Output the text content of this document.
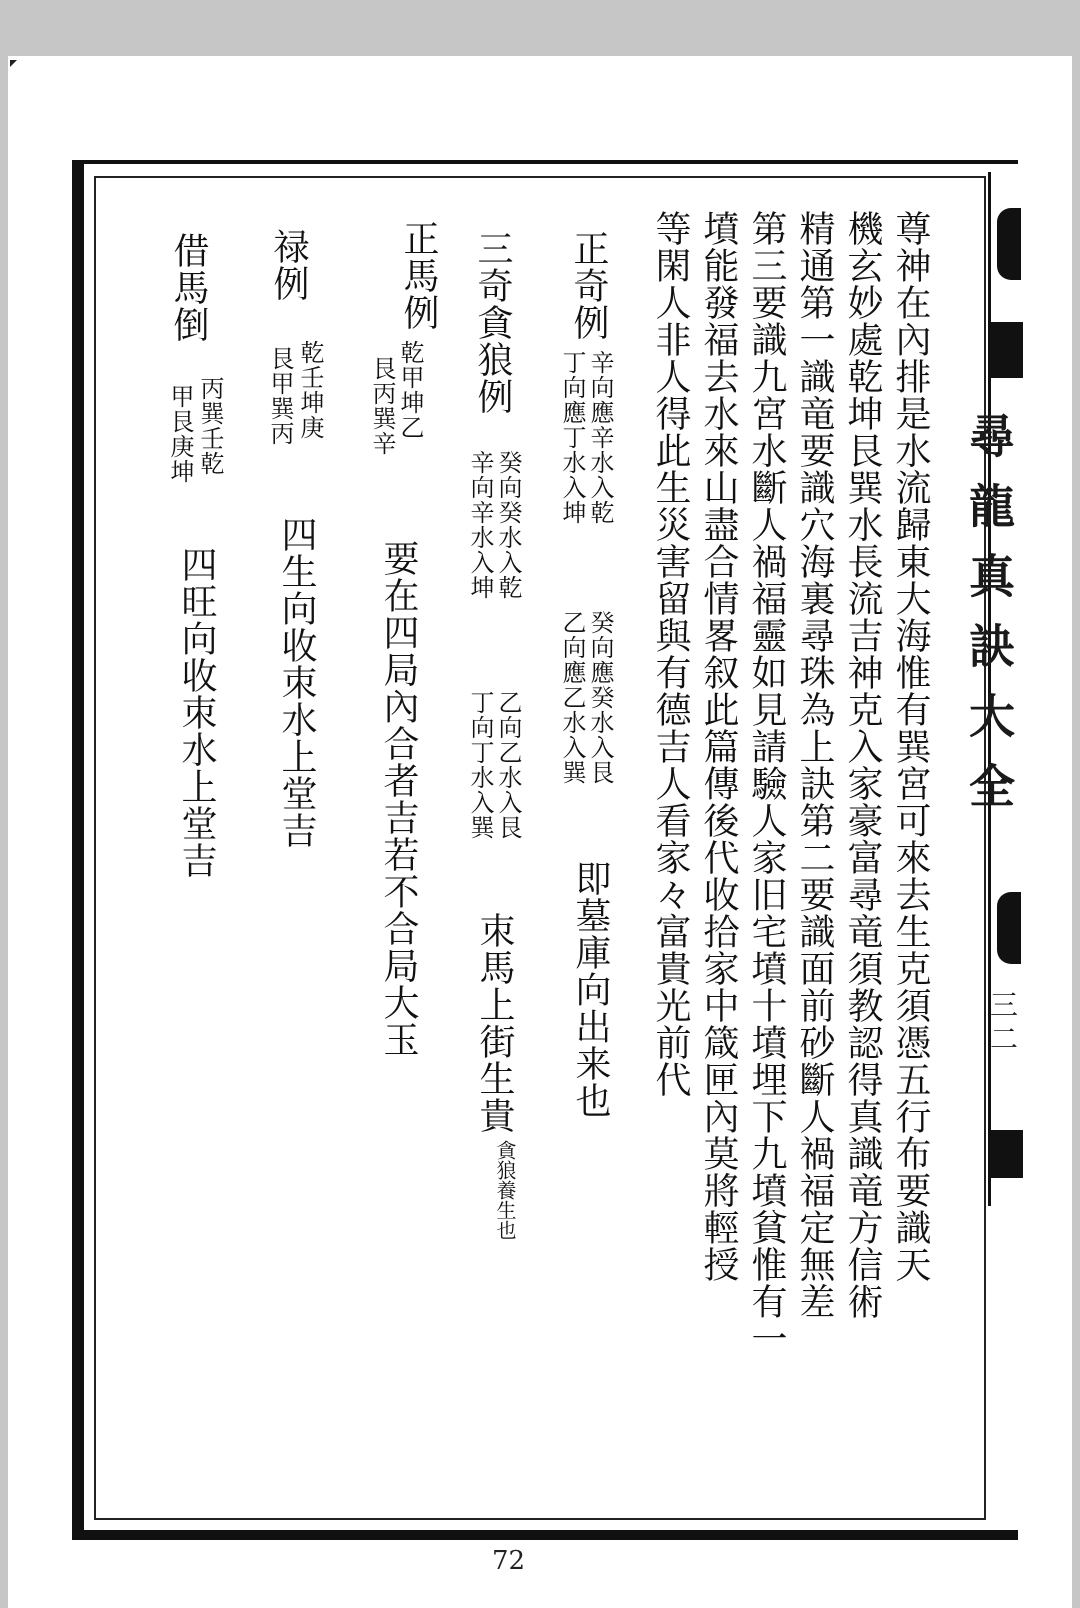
尋龍真訣大全
三二
尊神在內排是水流歸東大海惟有巽宮可來去生克須憑五行布要識天
機玄妙處乾坤艮巽水長流吉神克入家豪富尋竜須教認得真識竜方信術
精通第一識竜要識穴海裏尋珠為上訣第二要識面前砂斷人禍福定無差
第三要識九宮水斷人禍福靈如見請驗人家旧宅墳十墳埋下九墳貧惟有一
墳能發福去水來山盡合情畧叙此篇傳後代收拾家中箴匣內莫將輕授
等閑人非人得此生災害留與有德吉人看家々富貴光前代
正奇例
辛向應辛水入乾
丁向應丁水入坤
癸向應癸水入艮
乙向應乙水入巽
即墓庫向出来也
三奇貪狼例
癸向癸水入乾
辛向辛水入坤
乙向乙水入艮
丁向丁水入巽
朿馬上街生貴
貪狼養生也
正馬例
乾甲坤乙
艮丙巽辛
要在四局內合者吉若不合局大玉
禄例
乾壬坤庚
艮甲巽丙
四生向收朿水上堂吉
借馬倒
丙巽壬乾
甲艮庚坤
四旺向收朿水上堂吉
72
